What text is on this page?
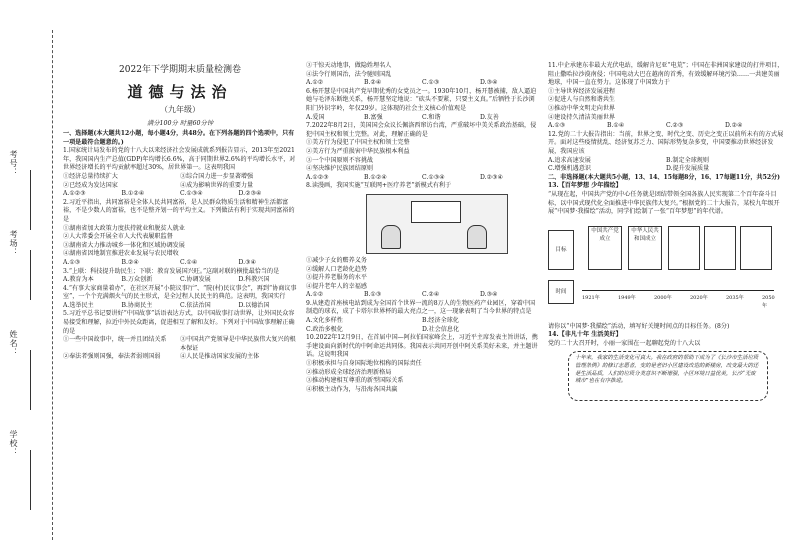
考号：
考场：
姓名：
学校：

2022年下学期期末质量检测卷

道德与法治

（九年级）

满分100分 时量60分钟

一、选择题(本大题共12小题，每小题4分，共48分。在下列各题的四个选项中，只有一项是最符合题意的。)

1.国家统计局发布的党的十八大以来经济社会发展成就系列报告显示，2013年至2021年，我国国内生产总值(GDP)年均增长6.6%，高于同期世界2.6%的平均增长水平，对世界经济增长的平均贡献率超过30%，居世界第一。这表明我国

①经济总量持续扩大	③综合国力进一步显著增强
②已经成为发达国家	④成为影响世界的重要力量
A.①②③	B.①②④	C.①③④	D.②③④

2.习近平指出，共同富裕是全体人民共同富裕，是人民群众物质生活和精神生活都富裕，不是少数人的富裕，也不是整齐划一的平均主义。下列做法有利于实现共同富裕的是

①湖南省加大政策力度扶持就业和脱贫人就业

②人大常委会开展全市人大代表履职监督

③湖南省大力推动城乡一体化和区域协调发展

④湖南省因地制宜推进农业发展与农民增收

A.①③	B.②④	C.①④	D.③④

3.“上联：科技提升助民生；下联：教育发展国兴旺。”这副对联的横批最恰当的是

A.教育为本	B.万众创新	C.协调发展	D.科教兴国

4.“有事大家商量着办”，在社区开展“小院议事厅”、“院(村)民议事会”，再到“协商议事室”，一个个充满烟火气的民主形式，是全过程人民民主的典范。这表明，我国实行

A.选举民主	B.协商民主	C.依法治国	D.以德治国

5.习近平总书记要讲好“中国故事”话语表达方式，以中国故事打动世界，让外国民众容易接受和理解，拉近中外民众距离，促进相互了解和友好。下列对于中国故事理解正确的是

①一些中国故事中，统一并且团结关系	③中国共产党领导是中华民族伟大复兴的根本保证
②奉法者强则国强，奉法者弱则国弱	④人民是推动国家发展的主体

③干惊天动地事，做隐姓埋名人

④法令行则国治，法令驰则国乱

A.①②	B.②④	C.①③	D.③④

6.杨开慧是中国共产党早期优秀的女党员之一。1930年10月，杨开慧被捕，敌人逼迫她与毛泽东断绝关系，杨开慧坚定地说：“砍头不要紧，只要主义真。”后牺牲于长沙浏阳门外识字岭，年仅29岁。这体现的社会主义核心价值观是

A.爱国	B.富强	C.和谐	D.友善

7.2022年8月2日，美国国会众议长佩洛西窜访台湾，严重破坏中美关系政治基础，侵犯中国主权和领土完整。对此，理解正确的是

①美方行为侵犯了中国主权和领土完整

②美方行为严重损害中华民族根本利益

③一个中国原则不容挑战

④坚决维护民族团结原则

A.①②③	B.①②④	C.①③④	D.②③④

8.读漫画，我国实施“互联网+医疗养老”新模式有利于

①减少子女的赡养义务

②缓解人口老龄化趋势

③提升养老服务的水平

④提升老年人的幸福感

A.①②	B.①③	C.②④	D.③④

9.从建造首座核电站到成为全国首个世界一流的8万人的生物医药产业园区，穿着中国制造的球衣，成了卡塔尔世界杯的最大亮点之一，这一现象表明了当今世界的特点是

A.文化多样性	B.经济全球化
C.政治多极化	D.社会信息化

10.2022年12月9日，在首届中国—阿拉伯国家峰会上，习近平主席发表主旨讲话，携手建设面向新时代的中阿命运共同体。我国表示共同开创中阿关系美好未来，并主题讲话。这说明我国

①积极承担与自身国际地位相称的国际责任

②推动形成全球经济治理新格局

③推动构建相互尊重的新型国际关系

④积极主动作为，与沿海各国共赢

11.中企承建东非最大光伏电站，缓解肯尼亚“电荒”；中国在非洲国家建设的打井项目，阻止撒哈拉沙漠南侵；中国电动大巴在越南的首秀，有效缓解环境污染……一共建美丽地球，中国一直在努力。这体现了中国致力于

①主导世界经济发展进程

②促进人与自然和谐共生

③推动中华文明走向世界

④建设持久清洁美丽世界

A.①③	B.①④	C.②③	D.②④

12.党的二十大报告指出：当前，世界之变、时代之变、历史之变正以前所未有的方式展开。面对这些疫情扰乱、经济复苏乏力、国际形势复杂多变，中国要推动世界经济发展，我国应该

A.追求高速发展	B.制定全球规则
C.增强机遇意识	D.提升发展质量

二、非选择题(本大题共5小题，13、14、15每题8分，16、17每题11分，共52分)

13.【百年梦想 少年描绘】

“从现在起，中国共产党的中心任务就是团结带领全国各族人民实现第二个百年奋斗目标，以中国式现代化全面推进中华民族伟大复兴。”根据党的二十大报告，某校九年级开展“中国梦·我描绘”活动，同学们绘制了一张“百年梦想”的年代谱。

目标
时间
中国共产党成立
中华人民共和国成立
1921年	1949年	2000年	2020年	2035年	2050年

请你以“中国梦·我描绘”活动，填写好关键时间点的目标任务。(8分)

14.【非凡十年 生活美好】

党的二十大召开时，小丽一家围在一起聊起党的十八大以

十年来，我家的生活变化可真大。我在政府的帮助下成为了《长沙市生活垃圾管理条例》的修订志愿者，变的是老旧小区建设改造的新楼房，改变最大的还是生活品质，人们的垃圾分类意识不断增强，小区环境日益优美，长沙“无废城市”也在有序推进。
